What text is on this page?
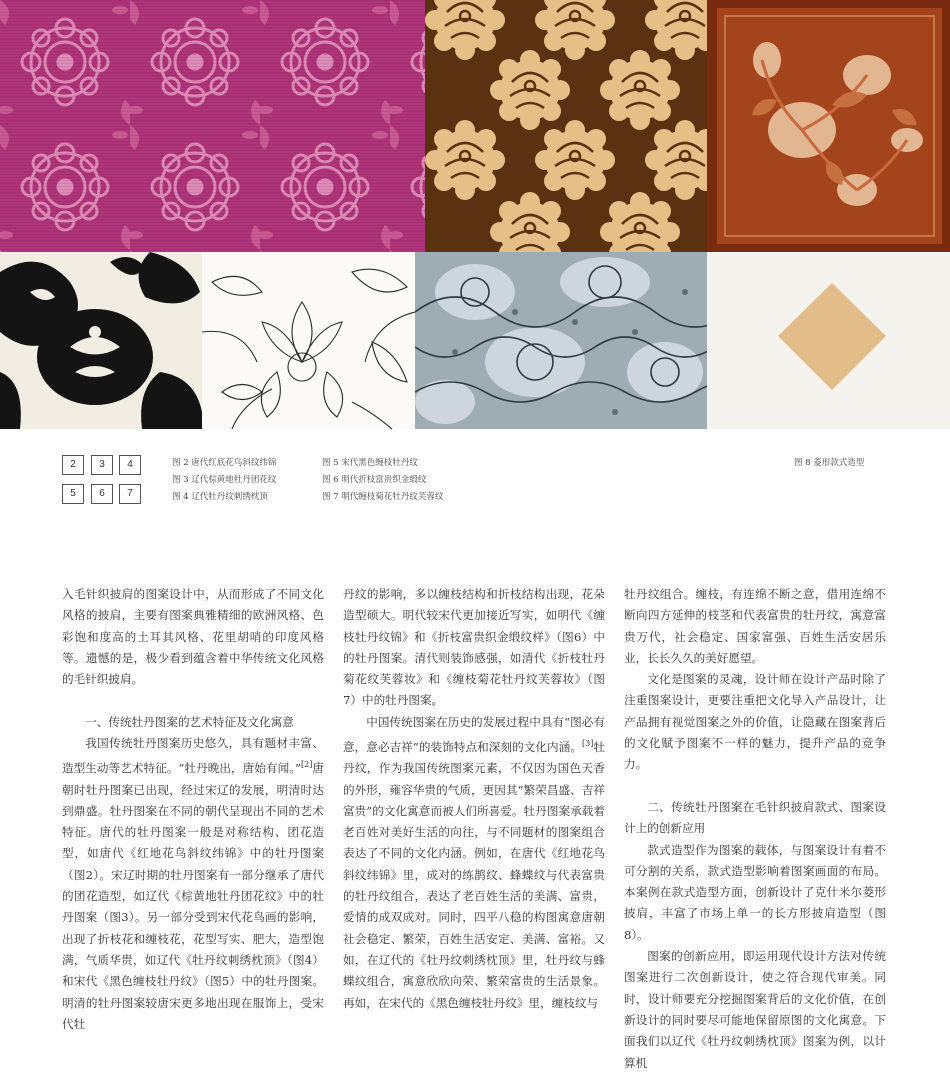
2	3	4
5	6	7
图 2 唐代红底花鸟斜纹纬锦
图 3 辽代棕黄地牡丹团花纹
图 4 辽代牡丹纹刺绣枕顶
图 5 宋代黑色缠枝牡丹纹
图 6 明代折枝富贵织金缎纹
图 7 明代缠枝菊花牡丹纹芙蓉纹
图 8 菱形款式造型

入毛针织披肩的图案设计中，从而形成了不同文化风格的披肩，主要有图案典雅精细的欧洲风格、色彩饱和度高的土耳其风格、花里胡哨的印度风格等。遗憾的是，极少看到蕴含着中华传统文化风格的毛针织披肩。

一、传统牡丹图案的艺术特征及文化寓意

我国传统牡丹图案历史悠久，具有题材丰富、造型生动等艺术特征。“牡丹晚出，唐始有闻。”[2]唐朝时牡丹图案已出现，经过宋辽的发展，明清时达到鼎盛。牡丹图案在不同的朝代呈现出不同的艺术特征。唐代的牡丹图案一般是对称结构、团花造型，如唐代《红地花鸟斜纹纬锦》中的牡丹图案（图2）。宋辽时期的牡丹图案有一部分继承了唐代的团花造型，如辽代《棕黄地牡丹团花纹》中的牡丹图案（图3）。另一部分受到宋代花鸟画的影响，出现了折枝花和缠枝花，花型写实、肥大，造型饱满，气质华贵，如辽代《牡丹纹刺绣枕顶》（图4）和宋代《黑色缠枝牡丹纹》（图5）中的牡丹图案。明清的牡丹图案较唐宋更多地出现在服饰上，受宋代牡

丹纹的影响，多以缠枝结构和折枝结构出现，花朵造型硕大。明代较宋代更加接近写实，如明代《缠枝牡丹纹锦》和《折枝富贵织金缎纹样》（图6）中的牡丹图案。清代则装饰感强，如清代《折枝牡丹菊花纹芙蓉妆》和《缠枝菊花牡丹纹芙蓉妆》（图7）中的牡丹图案。

中国传统图案在历史的发展过程中具有“图必有意，意必吉祥”的装饰特点和深刻的文化内涵。[3]牡丹纹，作为我国传统图案元素，不仅因为国色天香的外形，雍容华贵的气质，更因其“繁荣昌盛、吉祥富贵”的文化寓意而被人们所喜爱。牡丹图案承载着老百姓对美好生活的向往，与不同题材的图案组合表达了不同的文化内涵。例如，在唐代《红地花鸟斜纹纬锦》里，成对的练鹊纹、蜂蝶纹与代表富贵的牡丹纹组合，表达了老百姓生活的美满、富贵，爱情的成双成对。同时，四平八稳的构图寓意唐朝社会稳定、繁荣，百姓生活安定、美满、富裕。又如，在辽代的《牡丹纹刺绣枕顶》里，牡丹纹与蜂蝶纹组合，寓意欣欣向荣、繁荣富贵的生活景象。再如，在宋代的《黑色缠枝牡丹纹》里，缠枝纹与

牡丹纹组合。缠枝，有连绵不断之意，借用连绵不断向四方延伸的枝茎和代表富贵的牡丹纹，寓意富贵万代，社会稳定、国家富强、百姓生活安居乐业，长长久久的美好愿望。

文化是图案的灵魂，设计师在设计产品时除了注重图案设计，更要注重把文化导入产品设计，让产品拥有视觉图案之外的价值，让隐藏在图案背后的文化赋予图案不一样的魅力，提升产品的竞争力。

二、传统牡丹图案在毛针织披肩款式、图案设计上的创新应用

款式造型作为图案的载体，与图案设计有着不可分割的关系，款式造型影响着图案画面的布局。本案例在款式造型方面，创新设计了克什米尔菱形披肩，丰富了市场上单一的长方形披肩造型（图8）。

图案的创新应用，即运用现代设计方法对传统图案进行二次创新设计，使之符合现代审美。同时，设计师要充分挖掘图案背后的文化价值，在创新设计的同时要尽可能地保留原图的文化寓意。下面我们以辽代《牡丹纹刺绣枕顶》图案为例，以计算机
